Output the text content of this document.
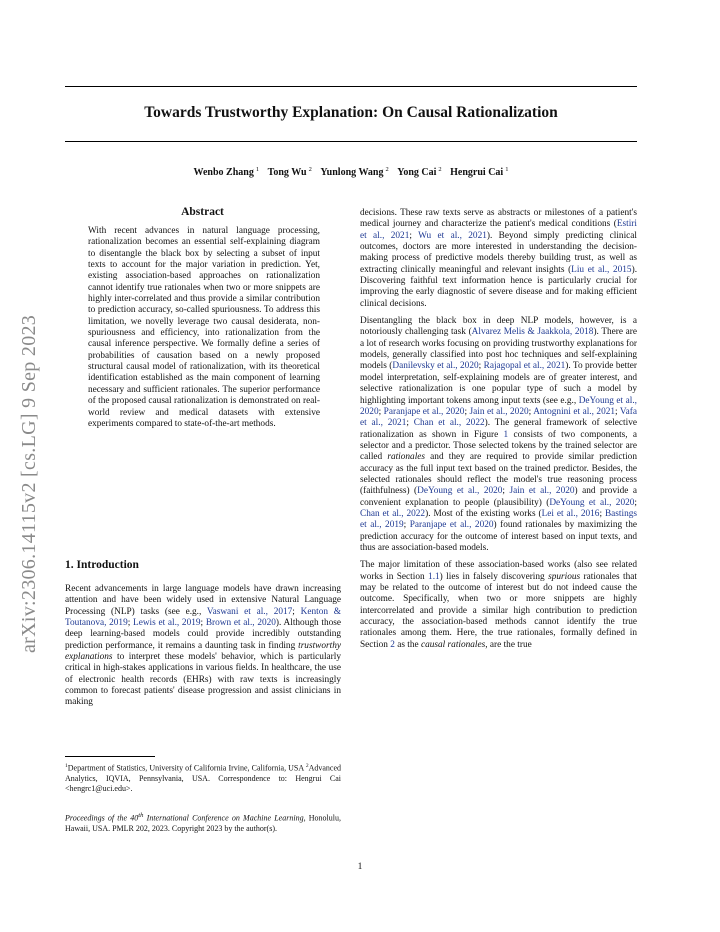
Towards Trustworthy Explanation: On Causal Rationalization
Wenbo Zhang $^1$ Tong Wu $^2$ Yunlong Wang $^2$ Yong Cai $^2$ Hengrui Cai $^1$
arXiv:2306.14115v2 [cs.LG] 9 Sep 2023
Abstract

With recent advances in natural language processing, rationalization becomes an essential self-explaining diagram to disentangle the black box by selecting a subset of input texts to account for the major variation in prediction. Yet, existing association-based approaches on rationalization cannot identify true rationales when two or more snippets are highly inter-correlated and thus provide a similar contribution to prediction accuracy, so-called spuriousness. To address this limitation, we novelly leverage two causal desiderata, non-spuriousness and efficiency, into rationalization from the causal inference perspective. We formally define a series of probabilities of causation based on a newly proposed structural causal model of rationalization, with its theoretical identification established as the main component of learning necessary and sufficient rationales. The superior performance of the proposed causal rationalization is demonstrated on real-world review and medical datasets with extensive experiments compared to state-of-the-art methods.

1. Introduction

Recent advancements in large language models have drawn increasing attention and have been widely used in extensive Natural Language Processing (NLP) tasks (see e.g., Vaswani et al., 2017; Kenton & Toutanova, 2019; Lewis et al., 2019; Brown et al., 2020). Although those deep learning-based models could provide incredibly outstanding prediction performance, it remains a daunting task in finding trustworthy explanations to interpret these models' behavior, which is particularly critical in high-stakes applications in various fields. In healthcare, the use of electronic health records (EHRs) with raw texts is increasingly common to forecast patients' disease progression and assist clinicians in making

$^1$Department of Statistics, University of California Irvine, California, USA $^2$Advanced Analytics, IQVIA, Pennsylvania, USA. Correspondence to: Hengrui Cai <hengrc1@uci.edu>.
Proceedings of the 40th International Conference on Machine Learning, Honolulu, Hawaii, USA. PMLR 202, 2023. Copyright 2023 by the author(s).

decisions. These raw texts serve as abstracts or milestones of a patient's medical journey and characterize the patient's medical conditions (Estiri et al., 2021; Wu et al., 2021). Beyond simply predicting clinical outcomes, doctors are more interested in understanding the decision-making process of predictive models thereby building trust, as well as extracting clinically meaningful and relevant insights (Liu et al., 2015). Discovering faithful text information hence is particularly crucial for improving the early diagnostic of severe disease and for making efficient clinical decisions.

Disentangling the black box in deep NLP models, however, is a notoriously challenging task (Alvarez Melis & Jaakkola, 2018). There are a lot of research works focusing on providing trustworthy explanations for models, generally classified into post hoc techniques and self-explaining models (Danilevsky et al., 2020; Rajagopal et al., 2021). To provide better model interpretation, self-explaining models are of greater interest, and selective rationalization is one popular type of such a model by highlighting important tokens among input texts (see e.g., DeYoung et al., 2020; Paranjape et al., 2020; Jain et al., 2020; Antognini et al., 2021; Vafa et al., 2021; Chan et al., 2022). The general framework of selective rationalization as shown in Figure 1 consists of two components, a selector and a predictor. Those selected tokens by the trained selector are called rationales and they are required to provide similar prediction accuracy as the full input text based on the trained predictor. Besides, the selected rationales should reflect the model's true reasoning process (faithfulness) (DeYoung et al., 2020; Jain et al., 2020) and provide a convenient explanation to people (plausibility) (DeYoung et al., 2020; Chan et al., 2022). Most of the existing works (Lei et al., 2016; Bastings et al., 2019; Paranjape et al., 2020) found rationales by maximizing the prediction accuracy for the outcome of interest based on input texts, and thus are association-based models.

The major limitation of these association-based works (also see related works in Section 1.1) lies in falsely discovering spurious rationales that may be related to the outcome of interest but do not indeed cause the outcome. Specifically, when two or more snippets are highly intercorrelated and provide a similar high contribution to prediction accuracy, the association-based methods cannot identify the true rationales among them. Here, the true rationales, formally defined in Section 2 as the causal rationales, are the true

1
